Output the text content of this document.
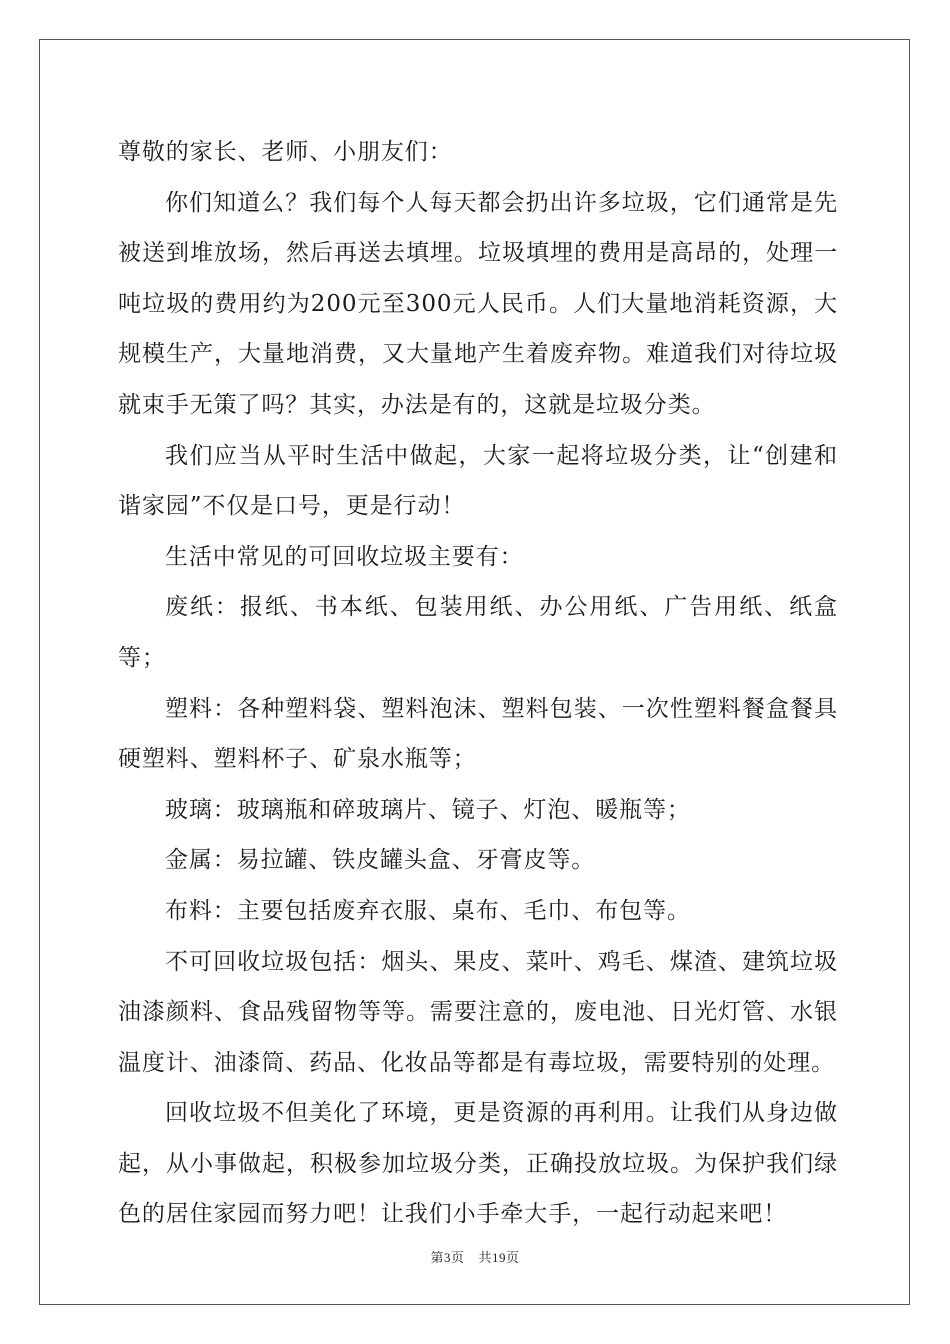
尊敬的家长、老师、小朋友们：

你们知道么？我们每个人每天都会扔出许多垃圾，它们通常是先被送到堆放场，然后再送去填埋。垃圾填埋的费用是高昂的，处理一吨垃圾的费用约为200元至300元人民币。人们大量地消耗资源，大规模生产，大量地消费，又大量地产生着废弃物。难道我们对待垃圾就束手无策了吗？其实，办法是有的，这就是垃圾分类。

我们应当从平时生活中做起，大家一起将垃圾分类，让“创建和谐家园”不仅是口号，更是行动！

生活中常见的可回收垃圾主要有：

废纸：报纸、书本纸、包装用纸、办公用纸、广告用纸、纸盒等；

塑料：各种塑料袋、塑料泡沫、塑料包装、一次性塑料餐盒餐具硬塑料、塑料杯子、矿泉水瓶等；

玻璃：玻璃瓶和碎玻璃片、镜子、灯泡、暖瓶等；

金属：易拉罐、铁皮罐头盒、牙膏皮等。

布料：主要包括废弃衣服、桌布、毛巾、布包等。

不可回收垃圾包括：烟头、果皮、菜叶、鸡毛、煤渣、建筑垃圾油漆颜料、食品残留物等等。需要注意的，废电池、日光灯管、水银温度计、油漆筒、药品、化妆品等都是有毒垃圾，需要特别的处理。

回收垃圾不但美化了环境，更是资源的再利用。让我们从身边做起，从小事做起，积极参加垃圾分类，正确投放垃圾。为保护我们绿色的居住家园而努力吧！让我们小手牵大手，一起行动起来吧！

第3页 共19页
